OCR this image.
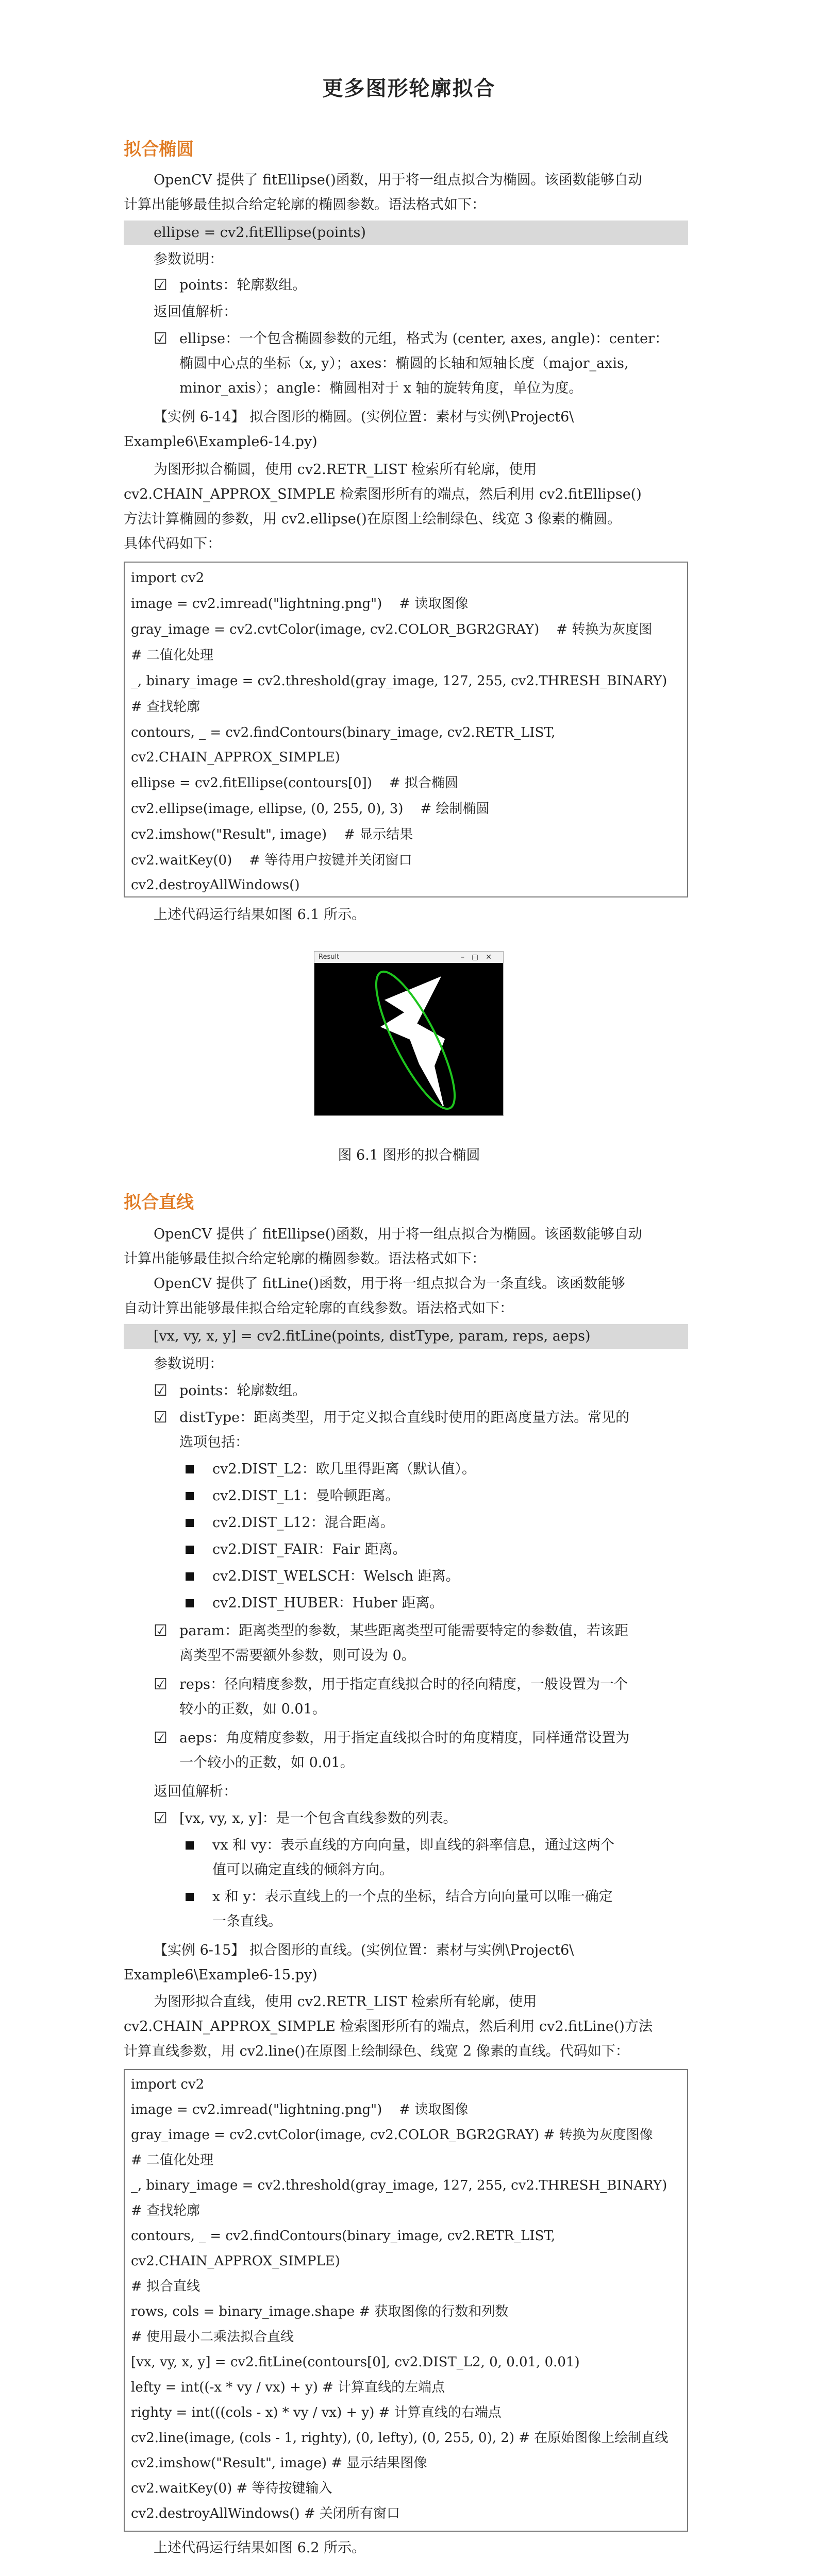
更多图形轮廓拟合
拟合椭圆
OpenCV 提供了 fitEllipse()函数，用于将一组点拟合为椭圆。该函数能够自动
计算出能够最佳拟合给定轮廓的椭圆参数。语法格式如下：
ellipse = cv2.fitEllipse(points)
参数说明：
☑ points：轮廓数组。
返回值解析：
☑ ellipse：一个包含椭圆参数的元组，格式为 (center, axes, angle)：center：
椭圆中心点的坐标（x, y）；axes：椭圆的长轴和短轴长度（major_axis,
minor_axis）；angle：椭圆相对于 x 轴的旋转角度，单位为度。
【实例 6-14】 拟合图形的椭圆。(实例位置：素材与实例\Project6\
Example6\Example6-14.py)
为图形拟合椭圆，使用 cv2.RETR_LIST 检索所有轮廓，使用
cv2.CHAIN_APPROX_SIMPLE 检索图形所有的端点，然后利用 cv2.fitEllipse()
方法计算椭圆的参数，用 cv2.ellipse()在原图上绘制绿色、线宽 3 像素的椭圆。
具体代码如下：
import cv2
image = cv2.imread("lightning.png")    # 读取图像
gray_image = cv2.cvtColor(image, cv2.COLOR_BGR2GRAY)    # 转换为灰度图
# 二值化处理
_, binary_image = cv2.threshold(gray_image, 127, 255, cv2.THRESH_BINARY)
# 查找轮廓
contours, _ = cv2.findContours(binary_image, cv2.RETR_LIST,
cv2.CHAIN_APPROX_SIMPLE)
ellipse = cv2.fitEllipse(contours[0])    # 拟合椭圆
cv2.ellipse(image, ellipse, (0, 255, 0), 3)    # 绘制椭圆
cv2.imshow("Result", image)    # 显示结果
cv2.waitKey(0)    # 等待用户按键并关闭窗口
cv2.destroyAllWindows()
上述代码运行结果如图 6.1 所示。
Result	–▢✕
图 6.1 图形的拟合椭圆
拟合直线
OpenCV 提供了 fitEllipse()函数，用于将一组点拟合为椭圆。该函数能够自动
计算出能够最佳拟合给定轮廓的椭圆参数。语法格式如下：
OpenCV 提供了 fitLine()函数，用于将一组点拟合为一条直线。该函数能够
自动计算出能够最佳拟合给定轮廓的直线参数。语法格式如下：
[vx, vy, x, y] = cv2.fitLine(points, distType, param, reps, aeps)
参数说明：
☑ points：轮廓数组。
☑ distType：距离类型，用于定义拟合直线时使用的距离度量方法。常见的
选项包括：
cv2.DIST_L2：欧几里得距离（默认值）。
cv2.DIST_L1：曼哈顿距离。
cv2.DIST_L12：混合距离。
cv2.DIST_FAIR：Fair 距离。
cv2.DIST_WELSCH：Welsch 距离。
cv2.DIST_HUBER：Huber 距离。
☑ param：距离类型的参数，某些距离类型可能需要特定的参数值，若该距
离类型不需要额外参数，则可设为 0。
☑ reps：径向精度参数，用于指定直线拟合时的径向精度，一般设置为一个
较小的正数，如 0.01。
☑ aeps：角度精度参数，用于指定直线拟合时的角度精度，同样通常设置为
一个较小的正数，如 0.01。
返回值解析：
☑ [vx, vy, x, y]：是一个包含直线参数的列表。
vx 和 vy：表示直线的方向向量，即直线的斜率信息，通过这两个
值可以确定直线的倾斜方向。
x 和 y：表示直线上的一个点的坐标，结合方向向量可以唯一确定
一条直线。
【实例 6-15】 拟合图形的直线。(实例位置：素材与实例\Project6\
Example6\Example6-15.py)
为图形拟合直线，使用 cv2.RETR_LIST 检索所有轮廓，使用
cv2.CHAIN_APPROX_SIMPLE 检索图形所有的端点，然后利用 cv2.fitLine()方法
计算直线参数，用 cv2.line()在原图上绘制绿色、线宽 2 像素的直线。代码如下：
import cv2
image = cv2.imread("lightning.png")    # 读取图像
gray_image = cv2.cvtColor(image, cv2.COLOR_BGR2GRAY) # 转换为灰度图像
# 二值化处理
_, binary_image = cv2.threshold(gray_image, 127, 255, cv2.THRESH_BINARY)
# 查找轮廓
contours, _ = cv2.findContours(binary_image, cv2.RETR_LIST,
cv2.CHAIN_APPROX_SIMPLE)
# 拟合直线
rows, cols = binary_image.shape # 获取图像的行数和列数
# 使用最小二乘法拟合直线
[vx, vy, x, y] = cv2.fitLine(contours[0], cv2.DIST_L2, 0, 0.01, 0.01)
lefty = int((-x * vy / vx) + y) # 计算直线的左端点
righty = int(((cols - x) * vy / vx) + y) # 计算直线的右端点
cv2.line(image, (cols - 1, righty), (0, lefty), (0, 255, 0), 2) # 在原始图像上绘制直线
cv2.imshow("Result", image) # 显示结果图像
cv2.waitKey(0) # 等待按键输入
cv2.destroyAllWindows() # 关闭所有窗口
上述代码运行结果如图 6.2 所示。
